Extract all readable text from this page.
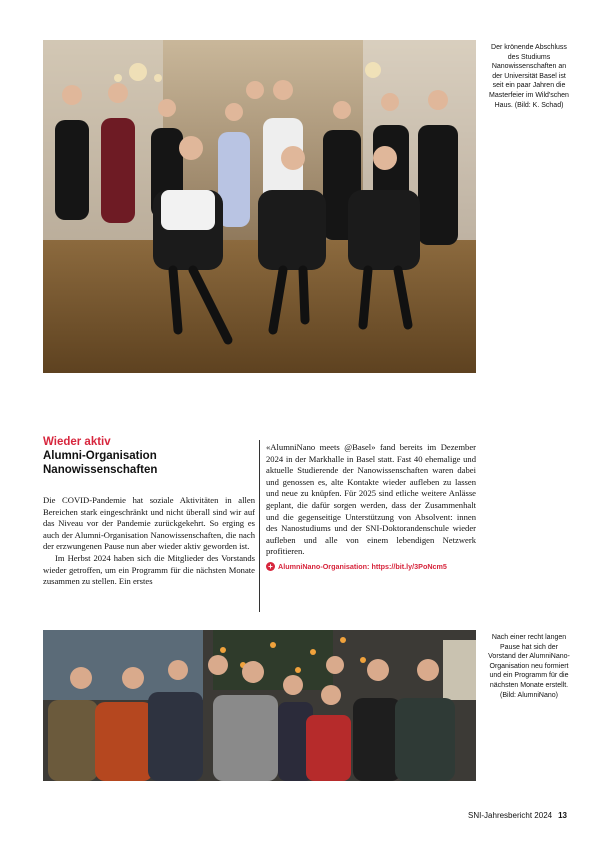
Der krönende Abschluss des Studiums Nanowissenschaften an der Universität Basel ist seit ein paar Jahren die Masterfeier im Wild'schen Haus. (Bild: K. Schad)
Wieder aktiv
Alumni-Organisation Nanowissenschaften

Die COVID-Pandemie hat soziale Aktivitäten in allen Bereichen stark eingeschränkt und nicht überall sind wir auf das Niveau vor der Pandemie zurückgekehrt. So erging es auch der Alumni-Organisation Nanowissenschaften, die nach der erzwungenen Pause nun aber wieder aktiv geworden ist.

Im Herbst 2024 haben sich die Mitglieder des Vorstands wieder getroffen, um ein Programm für die nächsten Monate zusammen zu stellen. Ein erstes

«AlumniNano meets @Basel» fand bereits im Dezember 2024 in der Markhalle in Basel statt. Fast 40 ehemalige und aktuelle Studierende der Nanowissenschaften waren dabei und genossen es, alte Kontakte wieder aufleben zu lassen und neue zu knüpfen. Für 2025 sind etliche weitere Anlässe geplant, die dafür sorgen werden, dass der Zusammenhalt und die gegenseitige Unterstützung von Absolvent: innen des Nanostudiums und der SNI-Doktorandenschule wieder aufleben und alle von einem lebendigen Netzwerk profitieren.

+ AlumniNano-Organisation: https://bit.ly/3PoNcm5
Nach einer recht langen Pause hat sich der Vorstand der AlumniNano-Organisation neu formiert und ein Programm für die nächsten Monate erstellt. (Bild: AlumniNano)
SNI-Jahresbericht 2024 13
